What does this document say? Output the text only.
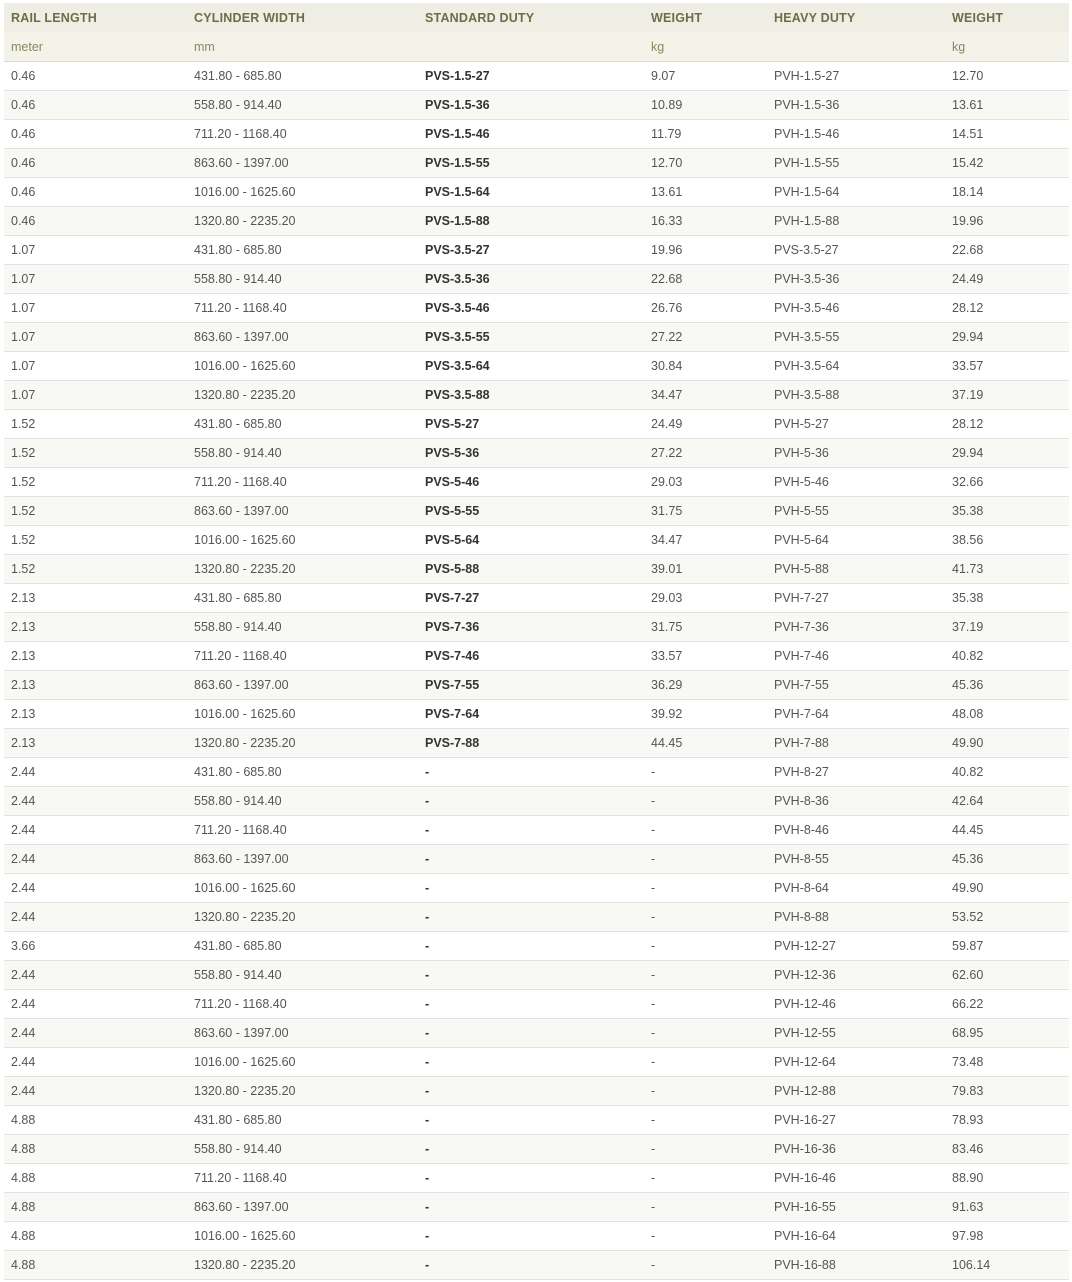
RAIL LENGTH	CYLINDER WIDTH	STANDARD DUTY	WEIGHT	HEAVY DUTY	WEIGHT
meter	mm		kg		kg
0.46	431.80 - 685.80	PVS-1.5-27	9.07	PVH-1.5-27	12.70
0.46	558.80 - 914.40	PVS-1.5-36	10.89	PVH-1.5-36	13.61
0.46	711.20 - 1168.40	PVS-1.5-46	11.79	PVH-1.5-46	14.51
0.46	863.60 - 1397.00	PVS-1.5-55	12.70	PVH-1.5-55	15.42
0.46	1016.00 - 1625.60	PVS-1.5-64	13.61	PVH-1.5-64	18.14
0.46	1320.80 - 2235.20	PVS-1.5-88	16.33	PVH-1.5-88	19.96
1.07	431.80 - 685.80	PVS-3.5-27	19.96	PVS-3.5-27	22.68
1.07	558.80 - 914.40	PVS-3.5-36	22.68	PVH-3.5-36	24.49
1.07	711.20 - 1168.40	PVS-3.5-46	26.76	PVH-3.5-46	28.12
1.07	863.60 - 1397.00	PVS-3.5-55	27.22	PVH-3.5-55	29.94
1.07	1016.00 - 1625.60	PVS-3.5-64	30.84	PVH-3.5-64	33.57
1.07	1320.80 - 2235.20	PVS-3.5-88	34.47	PVH-3.5-88	37.19
1.52	431.80 - 685.80	PVS-5-27	24.49	PVH-5-27	28.12
1.52	558.80 - 914.40	PVS-5-36	27.22	PVH-5-36	29.94
1.52	711.20 - 1168.40	PVS-5-46	29.03	PVH-5-46	32.66
1.52	863.60 - 1397.00	PVS-5-55	31.75	PVH-5-55	35.38
1.52	1016.00 - 1625.60	PVS-5-64	34.47	PVH-5-64	38.56
1.52	1320.80 - 2235.20	PVS-5-88	39.01	PVH-5-88	41.73
2.13	431.80 - 685.80	PVS-7-27	29.03	PVH-7-27	35.38
2.13	558.80 - 914.40	PVS-7-36	31.75	PVH-7-36	37.19
2.13	711.20 - 1168.40	PVS-7-46	33.57	PVH-7-46	40.82
2.13	863.60 - 1397.00	PVS-7-55	36.29	PVH-7-55	45.36
2.13	1016.00 - 1625.60	PVS-7-64	39.92	PVH-7-64	48.08
2.13	1320.80 - 2235.20	PVS-7-88	44.45	PVH-7-88	49.90
2.44	431.80 - 685.80	-	-	PVH-8-27	40.82
2.44	558.80 - 914.40	-	-	PVH-8-36	42.64
2.44	711.20 - 1168.40	-	-	PVH-8-46	44.45
2.44	863.60 - 1397.00	-	-	PVH-8-55	45.36
2.44	1016.00 - 1625.60	-	-	PVH-8-64	49.90
2.44	1320.80 - 2235.20	-	-	PVH-8-88	53.52
3.66	431.80 - 685.80	-	-	PVH-12-27	59.87
2.44	558.80 - 914.40	-	-	PVH-12-36	62.60
2.44	711.20 - 1168.40	-	-	PVH-12-46	66.22
2.44	863.60 - 1397.00	-	-	PVH-12-55	68.95
2.44	1016.00 - 1625.60	-	-	PVH-12-64	73.48
2.44	1320.80 - 2235.20	-	-	PVH-12-88	79.83
4.88	431.80 - 685.80	-	-	PVH-16-27	78.93
4.88	558.80 - 914.40	-	-	PVH-16-36	83.46
4.88	711.20 - 1168.40	-	-	PVH-16-46	88.90
4.88	863.60 - 1397.00	-	-	PVH-16-55	91.63
4.88	1016.00 - 1625.60	-	-	PVH-16-64	97.98
4.88	1320.80 - 2235.20	-	-	PVH-16-88	106.14
